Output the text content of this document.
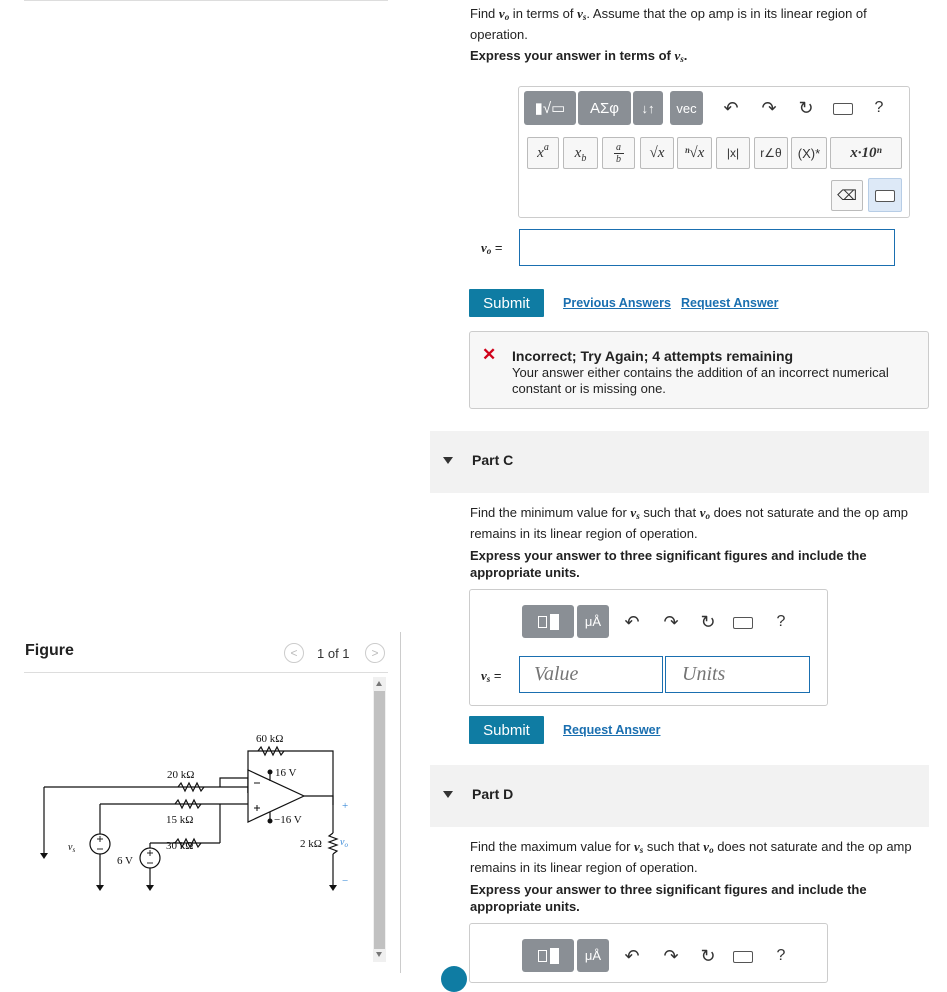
Figure	< 1 of 1 >
60 kΩ
20 kΩ
15 kΩ
30 kΩ	2 kΩ
16 V
−16 V
6 V
$v_s$
$v_o$
+
−
Find $v_o$ in terms of $v_s$. Assume that the op amp is in its linear region of operation.
Express your answer in terms of $v_s$.
▮√▭ ΑΣφ ↓↑ vec ↶ ↷ ↻	?
x a x b
a
b √x ⁿ√x |x| r∠θ (X)* x·10ⁿ
⌫
$v_o$ =
Submit	Previous Answers Request Answer
✕ Incorrect; Try Again; 4 attempts remaining
Your answer either contains the addition of an incorrect numerical constant or is missing one.
Part C
Find the minimum value for $v_s$ such that $v_o$ does not saturate and the op amp remains in its linear region of operation.
Express your answer to three significant figures and include the appropriate units.
μÅ ↶ ↷ ↻	?
$v_s$ =
Value
Units
Submit	Request Answer
Part D
Find the maximum value for $v_s$ such that $v_o$ does not saturate and the op amp remains in its linear region of operation.
Express your answer to three significant figures and include the appropriate units.
μÅ ↶ ↷ ↻	?
